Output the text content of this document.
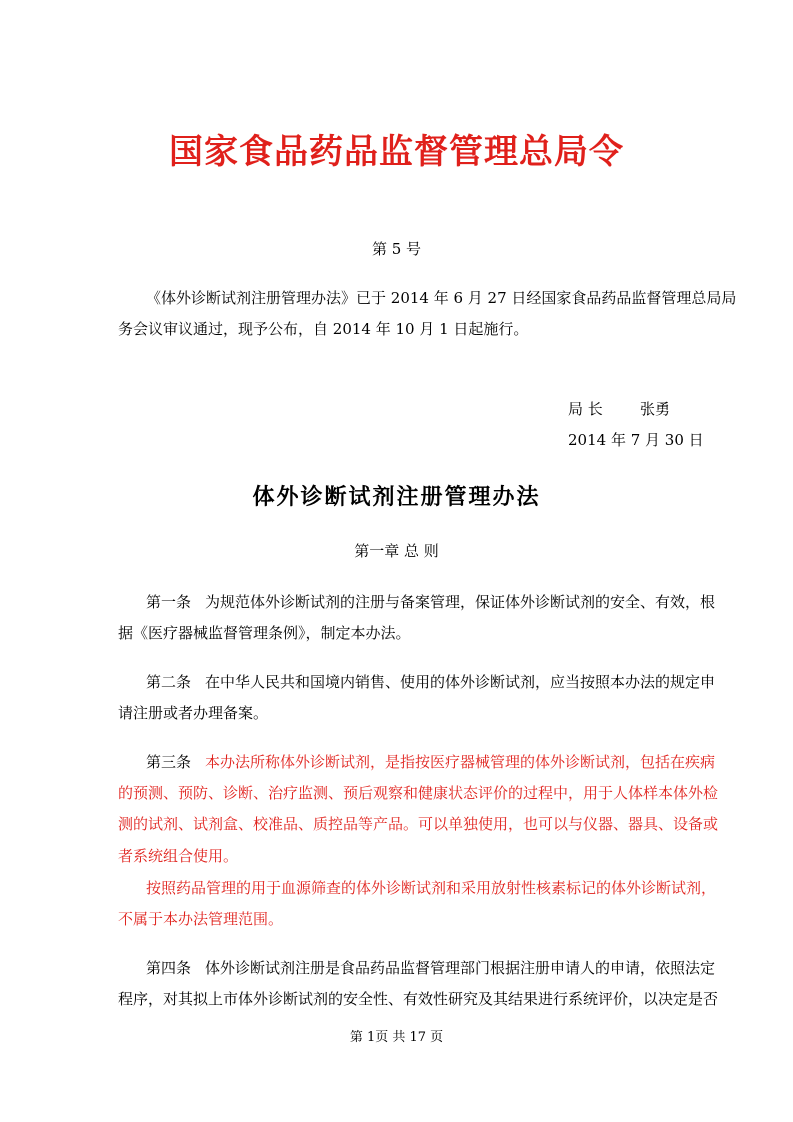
国家食品药品监督管理总局令
第 5 号
《体外诊断试剂注册管理办法》已于 2014 年 6 月 27 日经国家食品药品监督管理总局局
务会议审议通过，现予公布，自 2014 年 10 月 1 日起施行。
局 长 张勇
2014 年 7 月 30 日
体外诊断试剂注册管理办法
第一章 总 则
第一条 为规范体外诊断试剂的注册与备案管理，保证体外诊断试剂的安全、有效，根
据《医疗器械监督管理条例》，制定本办法。
第二条 在中华人民共和国境内销售、使用的体外诊断试剂，应当按照本办法的规定申
请注册或者办理备案。
第三条 本办法所称体外诊断试剂，是指按医疗器械管理的体外诊断试剂，包括在疾病
的预测、预防、诊断、治疗监测、预后观察和健康状态评价的过程中，用于人体样本体外检
测的试剂、试剂盒、校准品、质控品等产品。可以单独使用，也可以与仪器、器具、设备或
者系统组合使用。
按照药品管理的用于血源筛查的体外诊断试剂和采用放射性核素标记的体外诊断试剂，
不属于本办法管理范围。
第四条 体外诊断试剂注册是食品药品监督管理部门根据注册申请人的申请，依照法定
程序，对其拟上市体外诊断试剂的安全性、有效性研究及其结果进行系统评价，以决定是否
第 1页 共 17 页
